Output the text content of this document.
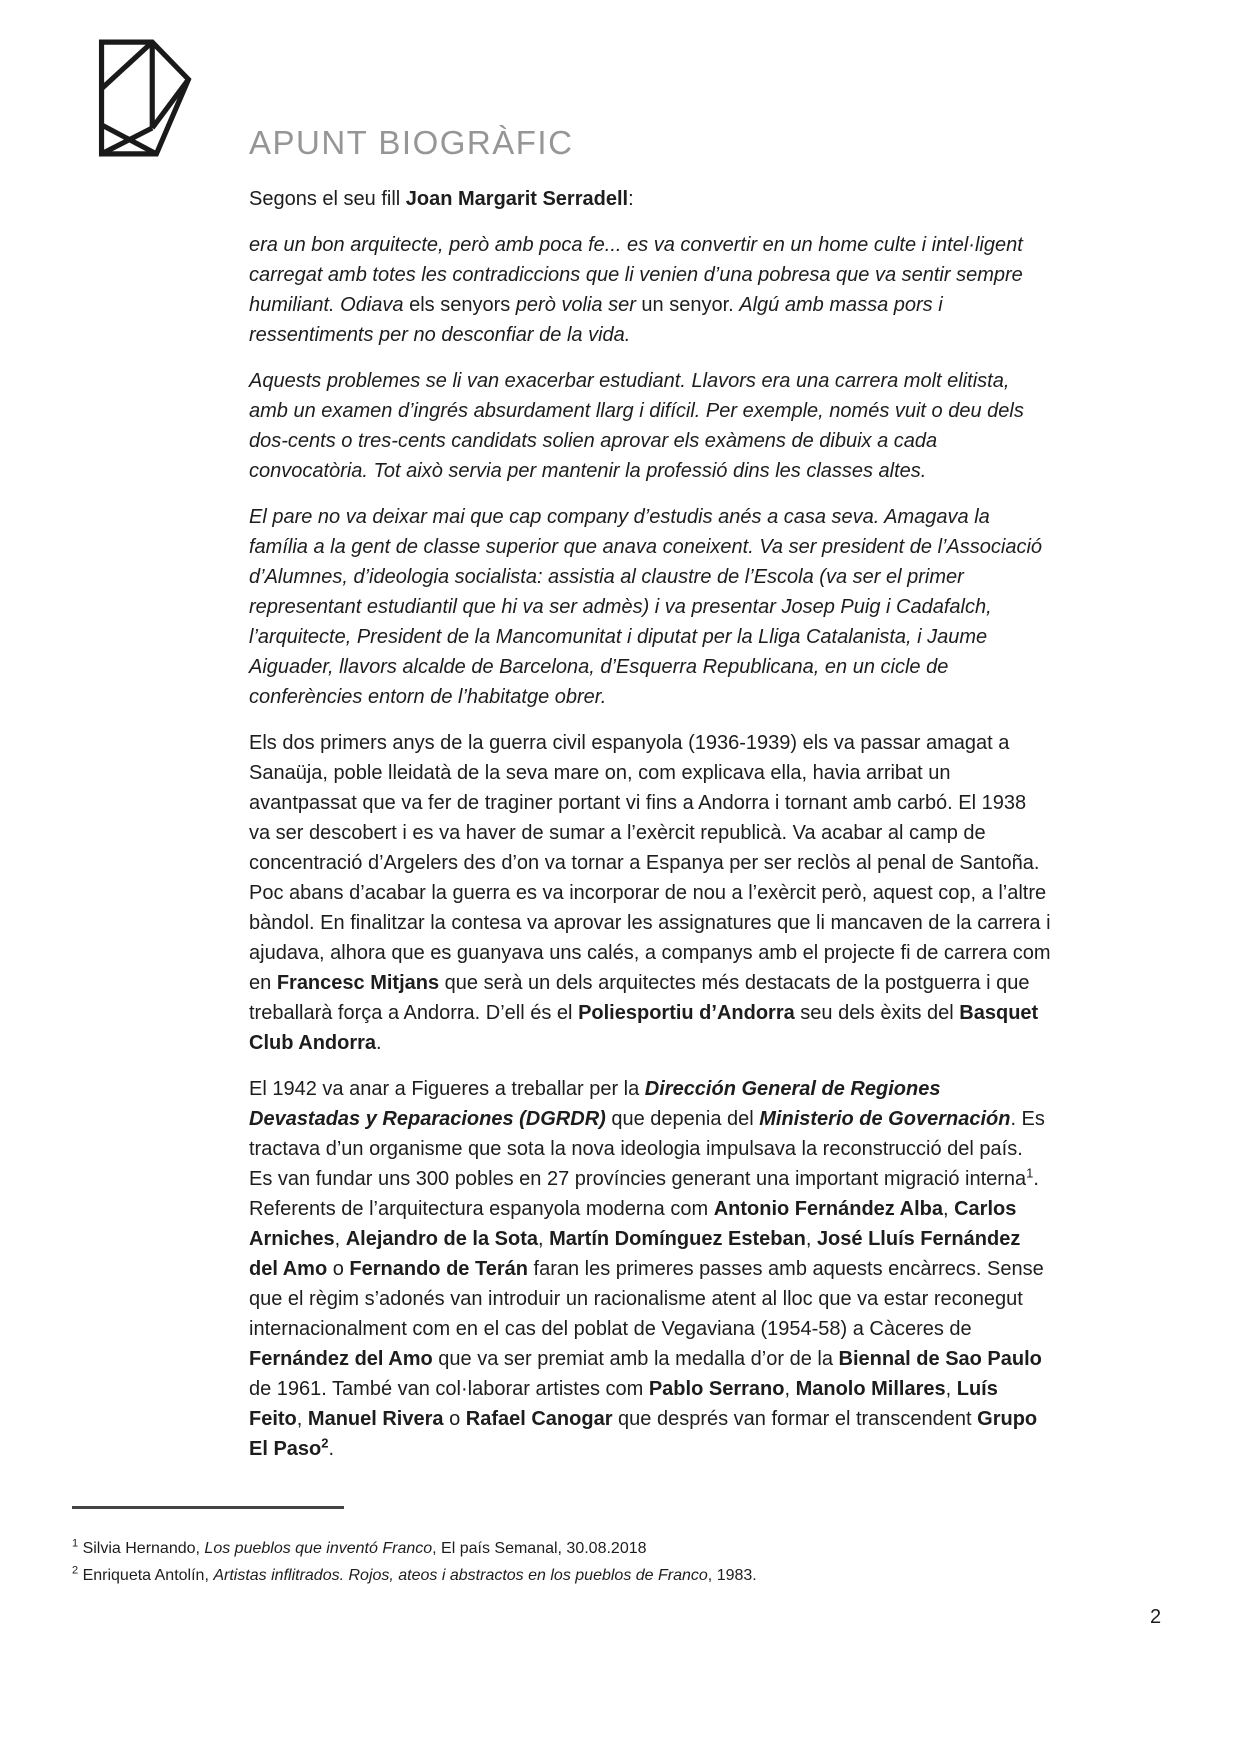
APUNT BIOGRÀFIC

Segons el seu fill Joan Margarit Serradell:

era un bon arquitecte, però amb poca fe... es va convertir en un home culte i intel·ligent carregat amb totes les contradiccions que li venien d’una pobresa que va sentir sempre humiliant. Odiava els senyors però volia ser un senyor. Algú amb massa pors i ressentiments per no desconfiar de la vida.

Aquests problemes se li van exacerbar estudiant. Llavors era una carrera molt elitista, amb un examen d’ingrés absurdament llarg i difícil. Per exemple, només vuit o deu dels dos-cents o tres-cents candidats solien aprovar els exàmens de dibuix a cada convocatòria. Tot això servia per mantenir la professió dins les classes altes.

El pare no va deixar mai que cap company d’estudis anés a casa seva. Amagava la família a la gent de classe superior que anava coneixent. Va ser president de l’Associació d’Alumnes, d’ideologia socialista: assistia al claustre de l’Escola (va ser el primer representant estudiantil que hi va ser admès) i va presentar Josep Puig i Cadafalch, l’arquitecte, President de la Mancomunitat i diputat per la Lliga Catalanista, i Jaume Aiguader, llavors alcalde de Barcelona, d’Esquerra Republicana, en un cicle de conferències entorn de l’habitatge obrer.

Els dos primers anys de la guerra civil espanyola (1936-1939) els va passar amagat a Sanaüja, poble lleidatà de la seva mare on, com explicava ella, havia arribat un avantpassat que va fer de traginer portant vi fins a Andorra i tornant amb carbó. El 1938 va ser descobert i es va haver de sumar a l’exèrcit republicà. Va acabar al camp de concentració d’Argelers des d’on va tornar a Espanya per ser reclòs al penal de Santoña. Poc abans d’acabar la guerra es va incorporar de nou a l’exèrcit però, aquest cop, a l’altre bàndol. En finalitzar la contesa va aprovar les assignatures que li mancaven de la carrera i ajudava, alhora que es guanyava uns calés, a companys amb el projecte fi de carrera com en Francesc Mitjans que serà un dels arquitectes més destacats de la postguerra i que treballarà força a Andorra. D’ell és el Poliesportiu d’Andorra seu dels èxits del Basquet Club Andorra.

El 1942 va anar a Figueres a treballar per la Dirección General de Regiones Devastadas y Reparaciones (DGRDR) que depenia del Ministerio de Governación. Es tractava d’un organisme que sota la nova ideologia impulsava la reconstrucció del país. Es van fundar uns 300 pobles en 27 províncies generant una important migració interna$^1$. Referents de l’arquitectura espanyola moderna com Antonio Fernández Alba, Carlos Arniches, Alejandro de la Sota, Martín Domínguez Esteban, José Lluís Fernández del Amo o Fernando de Terán faran les primeres passes amb aquests encàrrecs. Sense que el règim s’adonés van introduir un racionalisme atent al lloc que va estar reconegut internacionalment com en el cas del poblat de Vegaviana (1954-58) a Càceres de Fernández del Amo que va ser premiat amb la medalla d’or de la Biennal de Sao Paulo de 1961. També van col·laborar artistes com Pablo Serrano, Manolo Millares, Luís Feito, Manuel Rivera o Rafael Canogar que després van formar el transcendent Grupo El Paso$^2$.

$^1$ Silvia Hernando, Los pueblos que inventó Franco, El país Semanal, 30.08.2018

$^2$ Enriqueta Antolín, Artistas inflitrados. Rojos, ateos i abstractos en los pueblos de Franco, 1983.

2
